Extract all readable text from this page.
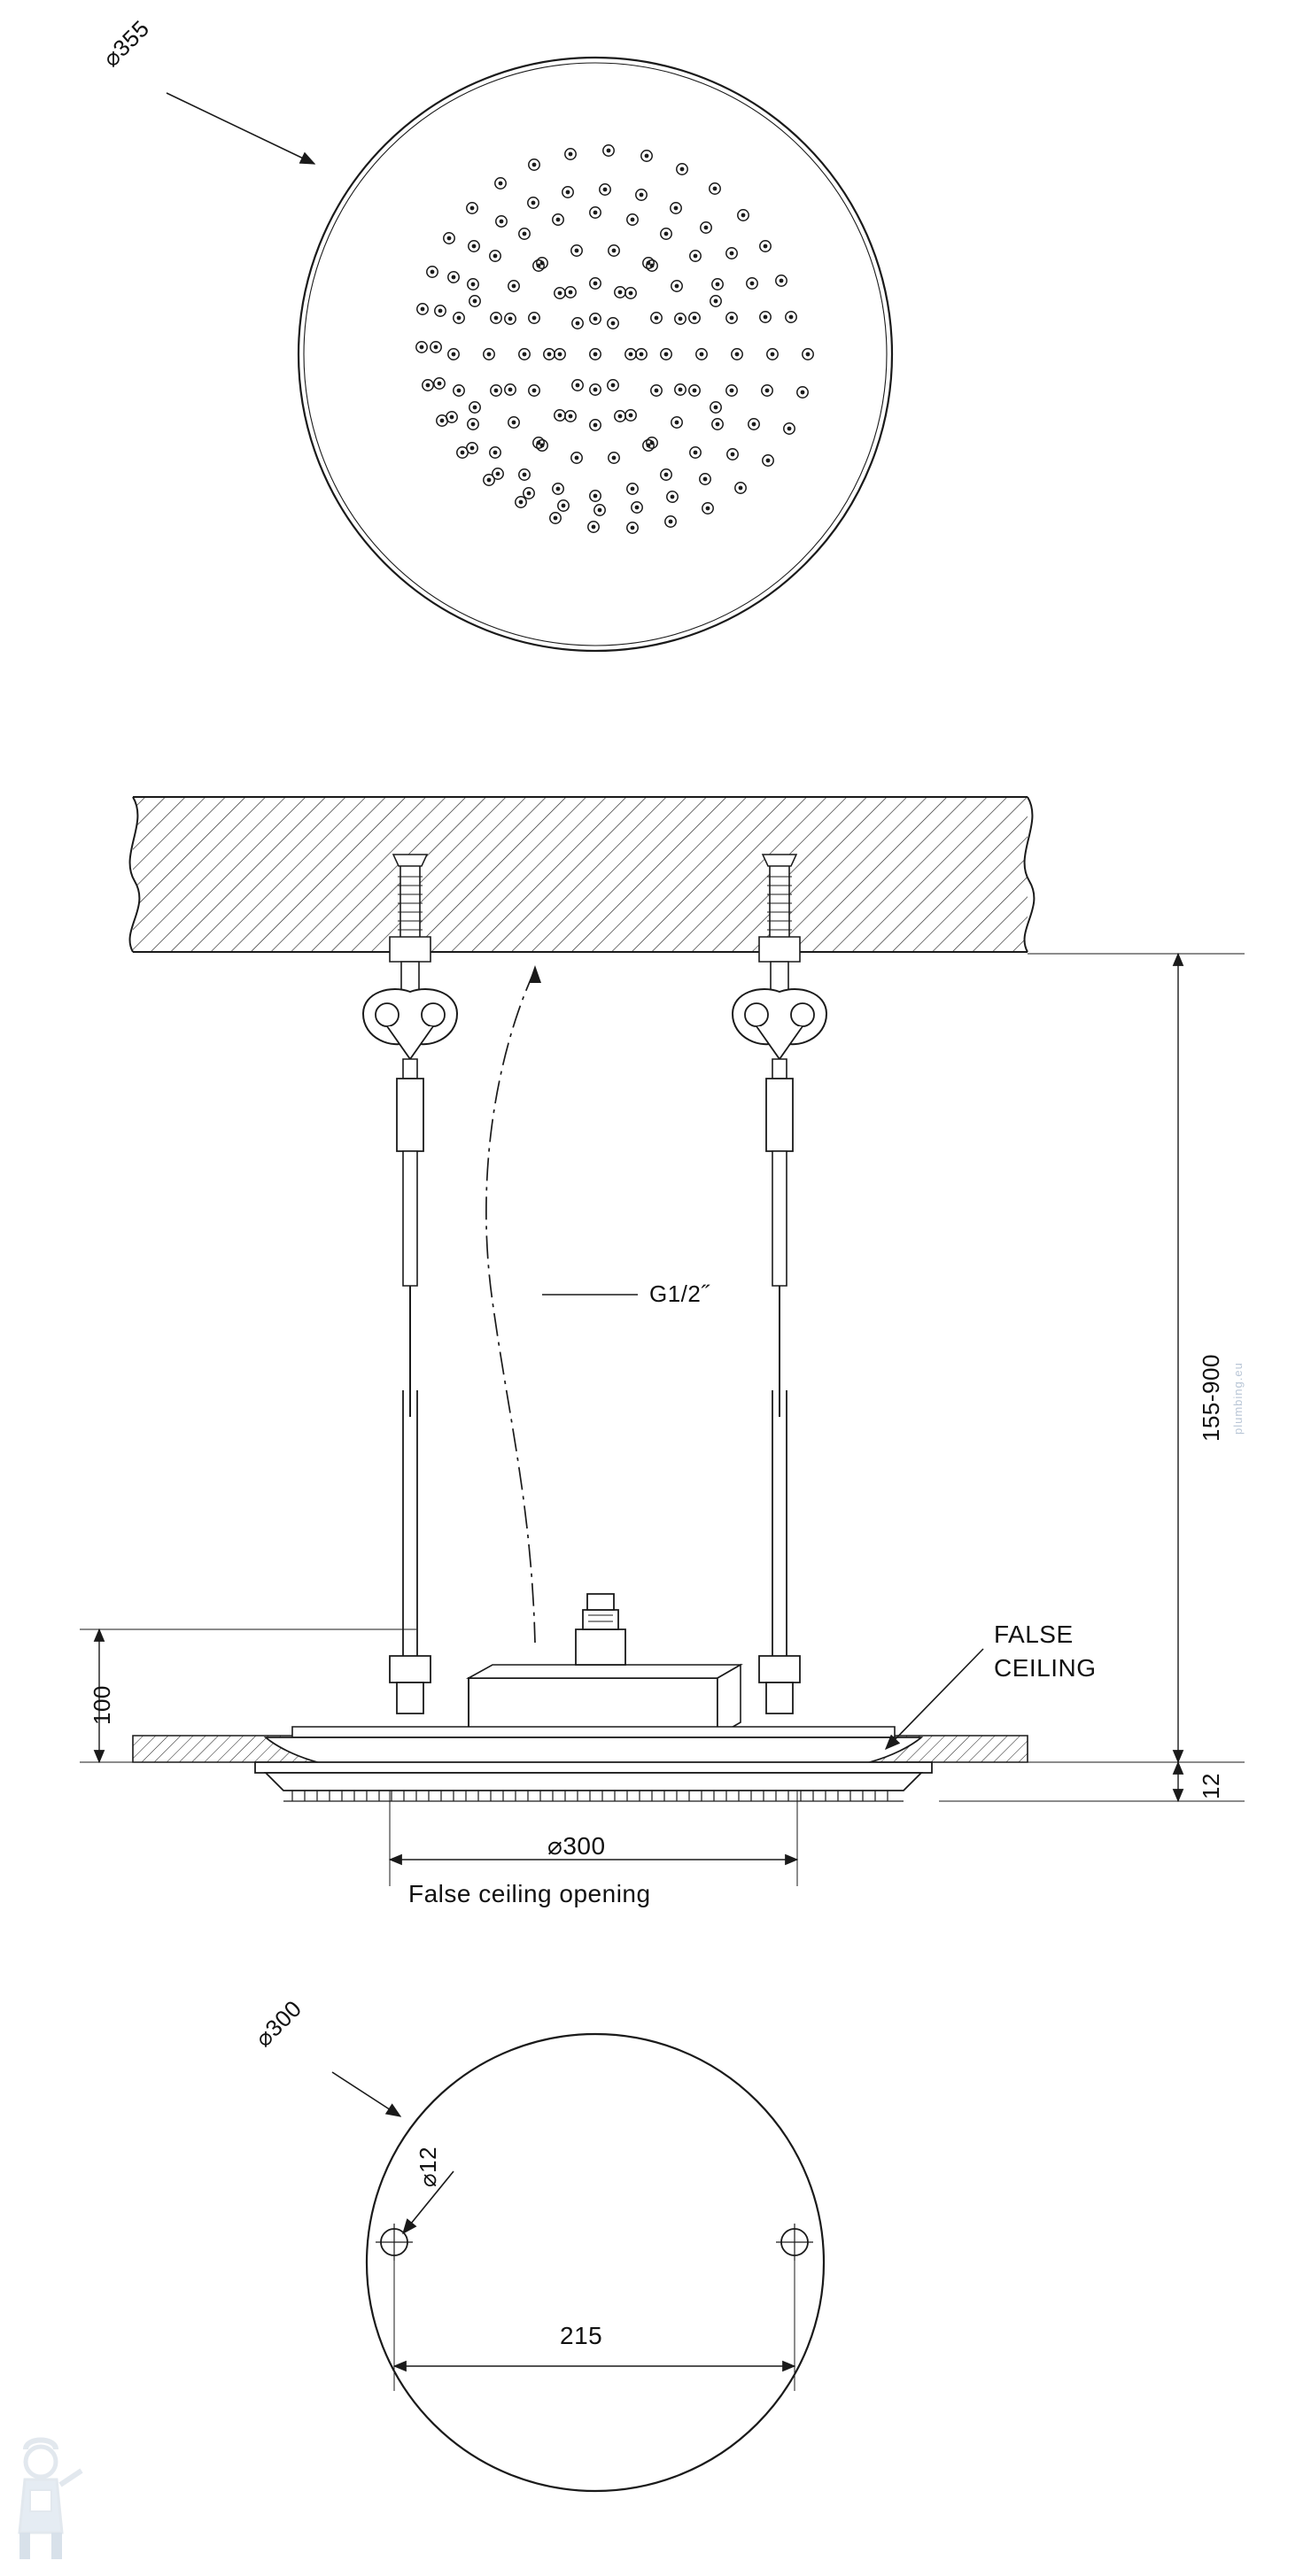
⌀355
G1/2˝
FALSE
CEILING
155-900
12
100
⌀300
False ceiling opening
⌀300
⌀12
215
plumbing.eu
